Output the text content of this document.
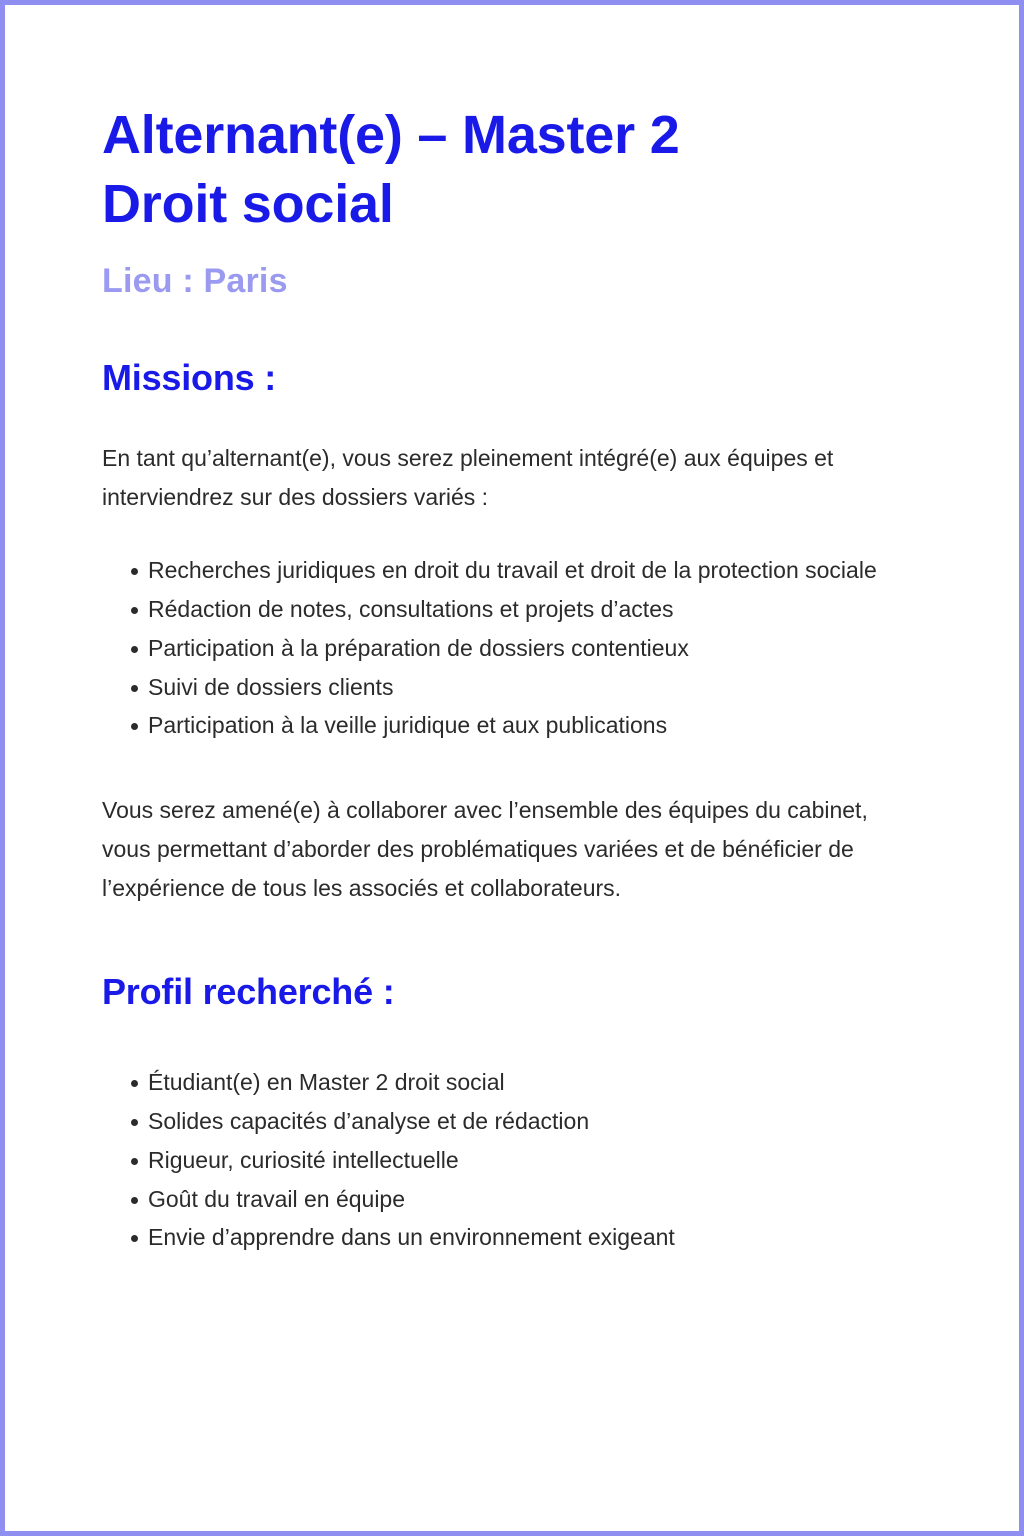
Alternant(e) – Master 2
Droit social

Lieu : Paris

Missions :

En tant qu’alternant(e), vous serez pleinement intégré(e) aux équipes et interviendrez sur des dossiers variés :

Recherches juridiques en droit du travail et droit de la protection sociale
Rédaction de notes, consultations et projets d’actes
Participation à la préparation de dossiers contentieux
Suivi de dossiers clients
Participation à la veille juridique et aux publications

Vous serez amené(e) à collaborer avec l’ensemble des équipes du cabinet, vous permettant d’aborder des problématiques variées et de bénéficier de l’expérience de tous les associés et collaborateurs.

Profil recherché :
Étudiant(e) en Master 2 droit social
Solides capacités d’analyse et de rédaction
Rigueur, curiosité intellectuelle
Goût du travail en équipe
Envie d’apprendre dans un environnement exigeant
